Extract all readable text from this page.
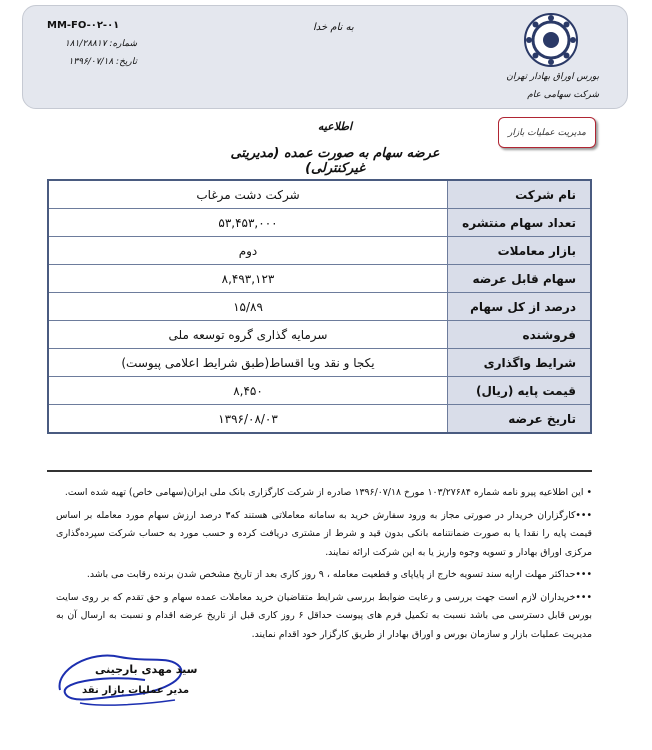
MM-FO-۰۲-۰۱
شماره: ۱۸۱/۲۸۸۱۷
تاریخ: ۱۳۹۶/۰۷/۱۸
به نام خدا
بورس اوراق بهادار تهران
شرکت سهامی عام
مدیریت عملیات بازار
اطلاعیه
عرضه سهام به صورت عمده (مدیریتی غیرکنترلی)
نام شرکت	شرکت دشت مرغاب
تعداد سهام منتشره	۵۳,۴۵۳,۰۰۰
بازار معاملات	دوم
سهام قابل عرضه	۸,۴۹۳,۱۲۳
درصد از کل سهام	۱۵/۸۹
فروشنده	سرمایه گذاری گروه توسعه ملی
شرایط واگذاری	یکجا و نقد ویا اقساط(طبق شرایط اعلامی پیوست)
قیمت پایه (ریال)	۸,۴۵۰
تاریخ عرضه	۱۳۹۶/۰۸/۰۳

• این اطلاعیه پیرو نامه شماره ۱۰۳/۲۷۶۸۴ مورخ ۱۳۹۶/۰۷/۱۸ صادره از شرکت کارگزاری بانک ملی ایران(سهامی خاص) تهیه شده است.

•••کارگزاران خریدار در صورتی مجاز به ورود سفارش خرید به سامانه معاملاتی هستند که۳ درصد ارزش سهام مورد معامله بر اساس قیمت پایه را نقدا یا به صورت ضمانتنامه بانکی بدون قید و شرط از مشتری دریافت کرده و حسب مورد به حساب شرکت سپرده‌گذاری مرکزی اوراق بهادار و تسویه وجوه واریز یا به این شرکت ارائه نمایند.

•••حداکثر مهلت ارایه سند تسویه خارج از پایاپای و قطعیت معامله ، ۹ روز کاری بعد از تاریخ مشخص شدن برنده رقابت می باشد.

•••خریداران لازم است جهت بررسی و رعایت ضوابط بررسی شرایط متقاضیان خرید معاملات عمده سهام و حق تقدم که بر روی سایت بورس قابل دسترسی می باشد نسبت به تکمیل فرم های پیوست حداقل ۶ روز کاری قبل از تاریخ عرضه اقدام و نسبت به ارسال آن به مدیریت عملیات بازار و سازمان بورس و اوراق بهادار از طریق کارگزار خود اقدام نمایند.

سید مهدی بارجینی
مدیر عملیات بازار نقد
